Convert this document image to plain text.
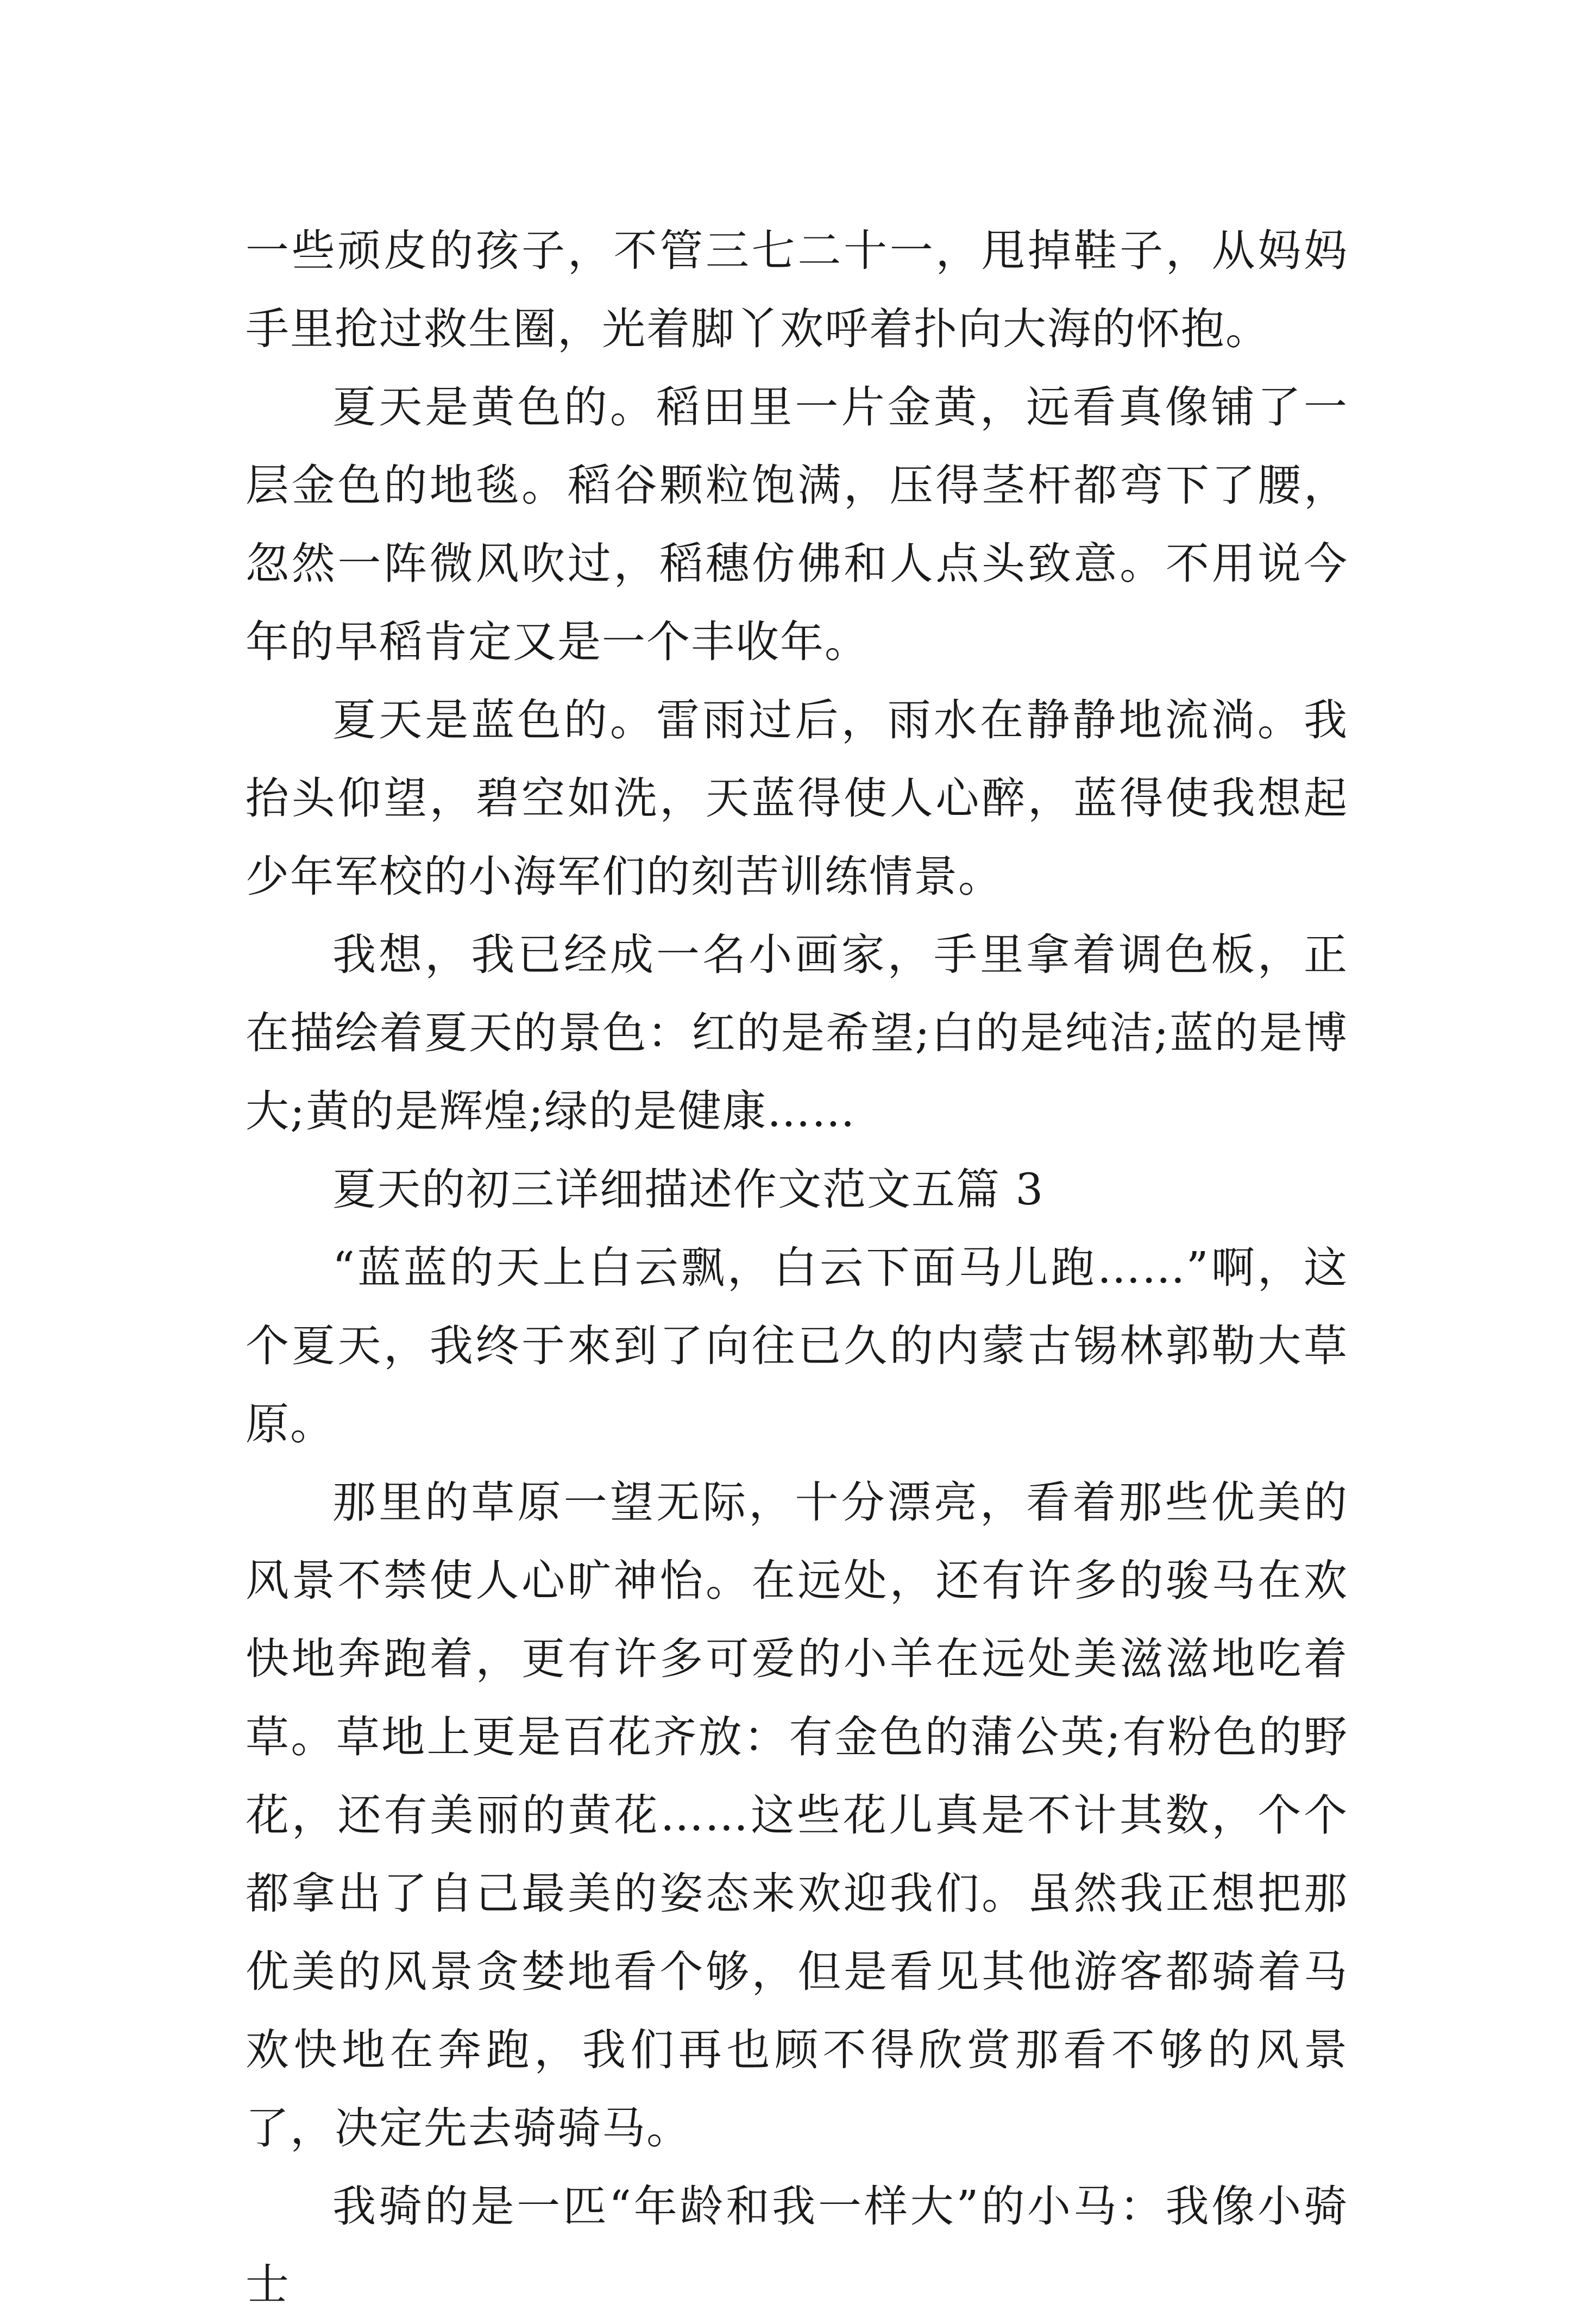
一些顽皮的孩子，不管三七二十一，甩掉鞋子，从妈妈手里抢过救生圈，光着脚丫欢呼着扑向大海的怀抱。

夏天是黄色的。稻田里一片金黄，远看真像铺了一层金色的地毯。稻谷颗粒饱满，压得茎杆都弯下了腰，忽然一阵微风吹过，稻穗仿佛和人点头致意。不用说今年的早稻肯定又是一个丰收年。

夏天是蓝色的。雷雨过后，雨水在静静地流淌。我抬头仰望，碧空如洗，天蓝得使人心醉，蓝得使我想起少年军校的小海军们的刻苦训练情景。

我想，我已经成一名小画家，手里拿着调色板，正在描绘着夏天的景色：红的是希望;白的是纯洁;蓝的是博大;黄的是辉煌;绿的是健康……

夏天的初三详细描述作文范文五篇 3

“蓝蓝的天上白云飘，白云下面马儿跑……”啊，这个夏天，我终于來到了向往已久的内蒙古锡林郭勒大草原。

那里的草原一望无际，十分漂亮，看着那些优美的风景不禁使人心旷神怡。在远处，还有许多的骏马在欢快地奔跑着，更有许多可爱的小羊在远处美滋滋地吃着草。草地上更是百花齐放：有金色的蒲公英;有粉色的野花，还有美丽的黄花……这些花儿真是不计其数，个个都拿出了自己最美的姿态来欢迎我们。虽然我正想把那优美的风景贪婪地看个够，但是看见其他游客都骑着马欢快地在奔跑，我们再也顾不得欣赏那看不够的风景了，决定先去骑骑马。

我骑的是一匹“年龄和我一样大”的小马：我像小骑士
